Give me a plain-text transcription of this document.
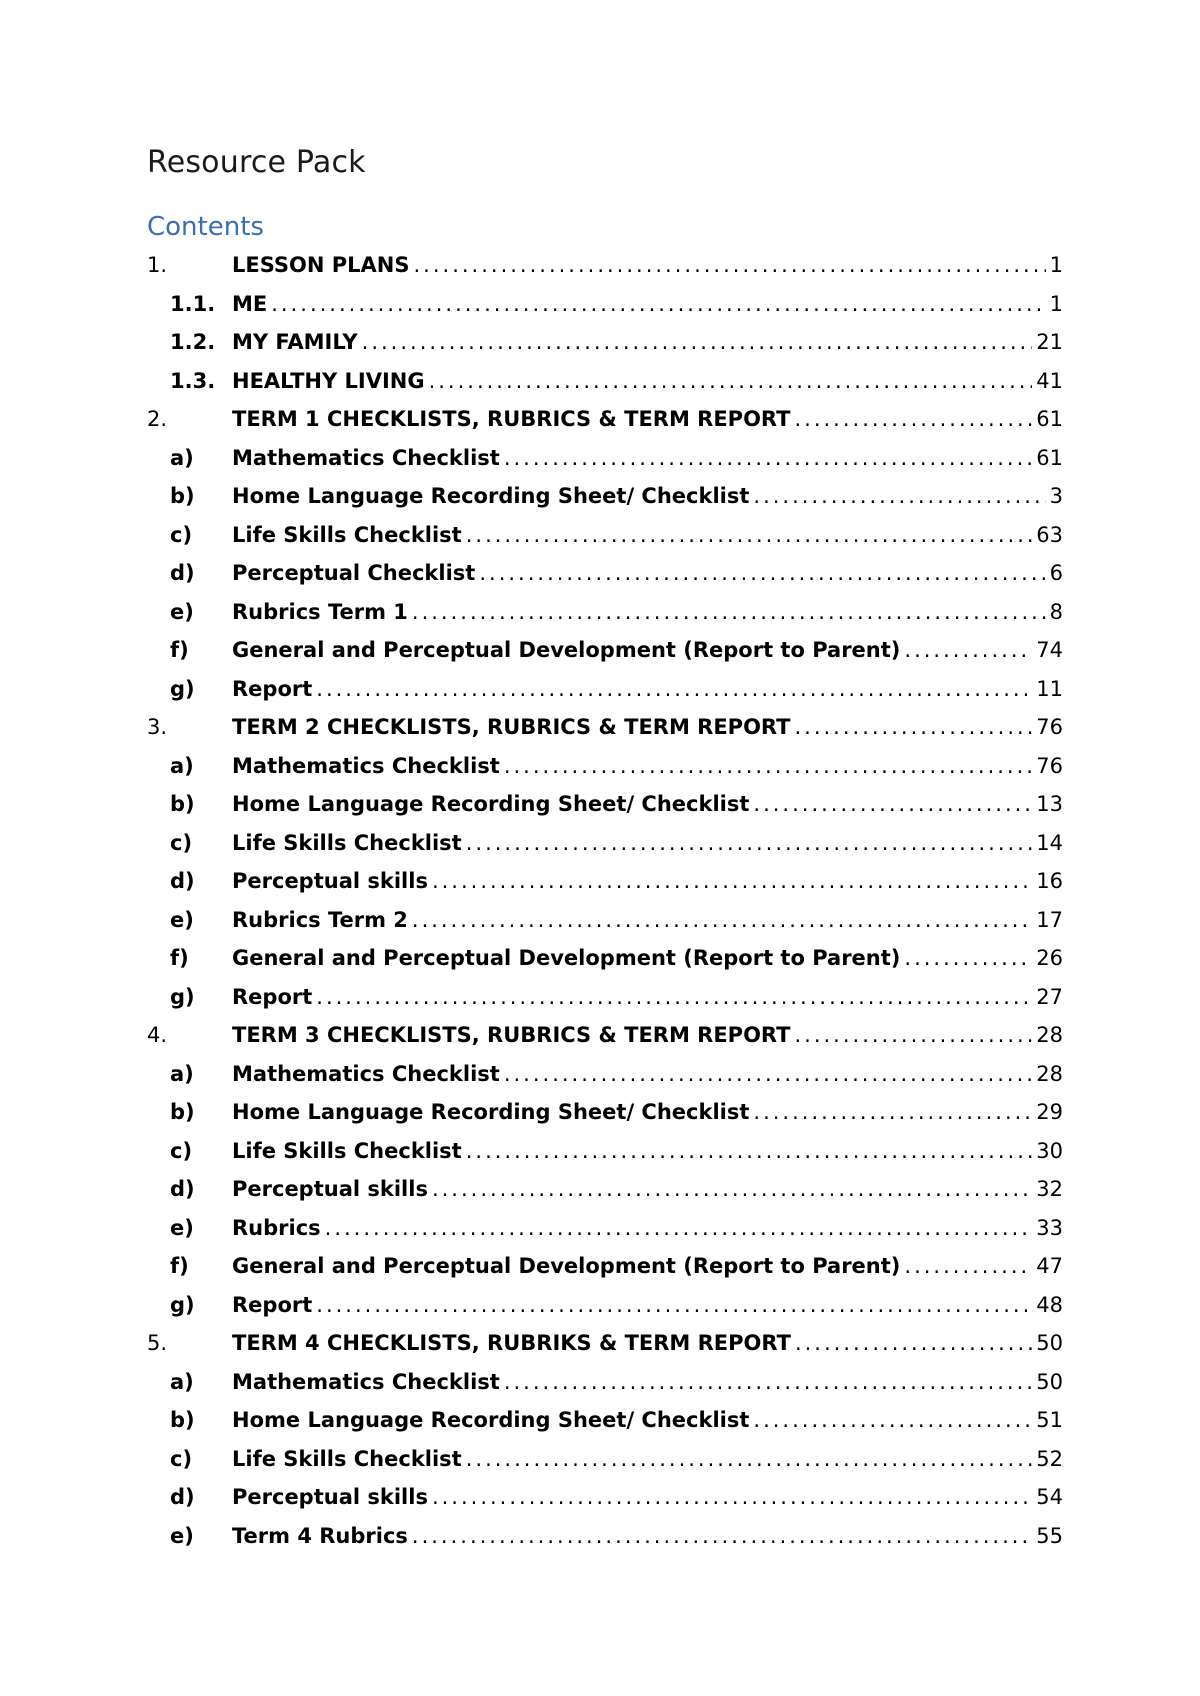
Resource Pack
Contents
1.	LESSON PLANS .....	1
1.1. ME .....	1
1.2. MY FAMILY .....	21
1.3. HEALTHY LIVING .....	41
2.	TERM 1 CHECKLISTS, RUBRICS & TERM REPORT .....	61
a)	Mathematics Checklist .....	61
b)	Home Language Recording Sheet/ Checklist .....	3
c)	Life Skills Checklist .....	63
d)	Perceptual Checklist .....	6
e)	Rubrics Term 1 .....	8
f)	General and Perceptual Development (Report to Parent) .....	74
g)	Report .....	11
3.	TERM 2 CHECKLISTS, RUBRICS & TERM REPORT .....	76
a)	Mathematics Checklist .....	76
b)	Home Language Recording Sheet/ Checklist .....	13
c)	Life Skills Checklist .....	14
d)	Perceptual skills .....	16
e)	Rubrics Term 2 .....	17
f)	General and Perceptual Development (Report to Parent) .....	26
g)	Report .....	27
4.	TERM 3 CHECKLISTS, RUBRICS & TERM REPORT .....	28
a)	Mathematics Checklist .....	28
b)	Home Language Recording Sheet/ Checklist .....	29
c)	Life Skills Checklist .....	30
d)	Perceptual skills .....	32
e)	Rubrics .....	33
f)	General and Perceptual Development (Report to Parent) .....	47
g)	Report .....	48
5.	TERM 4 CHECKLISTS, RUBRIKS & TERM REPORT .....	50
a)	Mathematics Checklist .....	50
b)	Home Language Recording Sheet/ Checklist .....	51
c)	Life Skills Checklist .....	52
d)	Perceptual skills .....	54
e)	Term 4 Rubrics .....	55
